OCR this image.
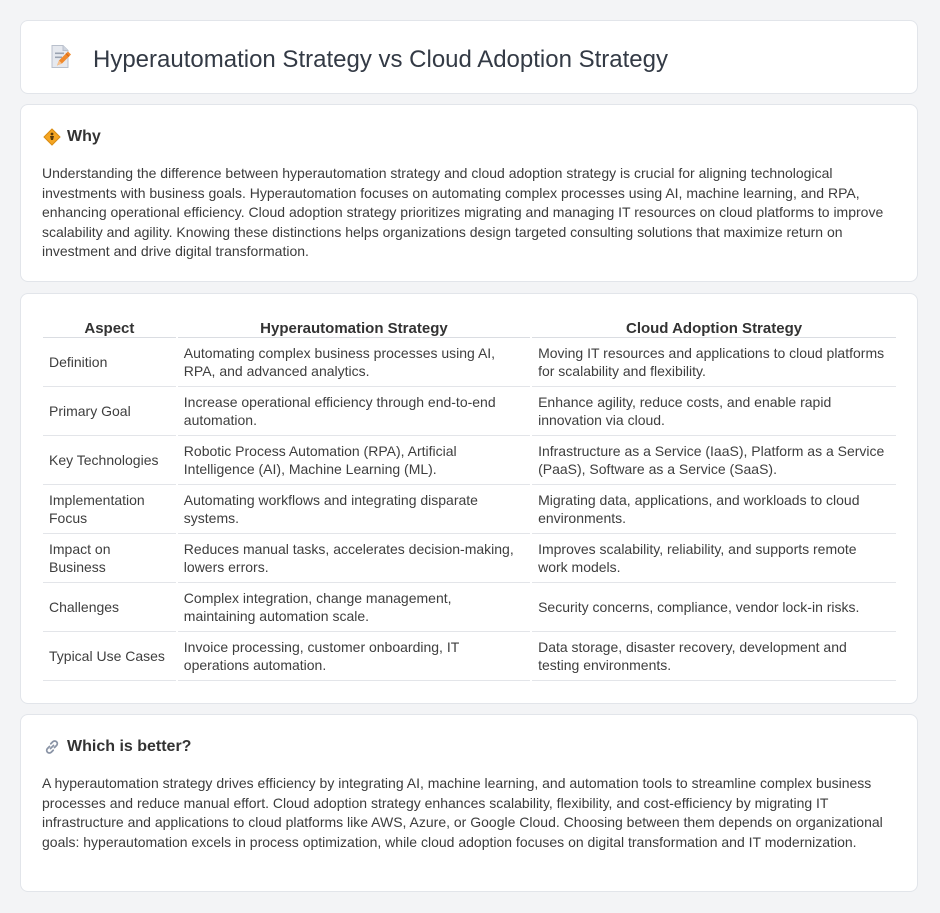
Hyperautomation Strategy vs Cloud Adoption Strategy
Why

Understanding the difference between hyperautomation strategy and cloud adoption strategy is crucial for aligning technological investments with business goals. Hyperautomation focuses on automating complex processes using AI, machine learning, and RPA, enhancing operational efficiency. Cloud adoption strategy prioritizes migrating and managing IT resources on cloud platforms to improve scalability and agility. Knowing these distinctions helps organizations design targeted consulting solutions that maximize return on investment and drive digital transformation.

Aspect	Hyperautomation Strategy	Cloud Adoption Strategy
Definition	Automating complex business processes using AI, RPA, and advanced analytics.	Moving IT resources and applications to cloud platforms for scalability and flexibility.
Primary Goal	Increase operational efficiency through end-to-end automation.	Enhance agility, reduce costs, and enable rapid innovation via cloud.
Key Technologies	Robotic Process Automation (RPA), Artificial Intelligence (AI), Machine Learning (ML).	Infrastructure as a Service (IaaS), Platform as a Service (PaaS), Software as a Service (SaaS).
Implementation Focus	Automating workflows and integrating disparate systems.	Migrating data, applications, and workloads to cloud environments.
Impact on Business	Reduces manual tasks, accelerates decision-making, lowers errors.	Improves scalability, reliability, and supports remote work models.
Challenges	Complex integration, change management, maintaining automation scale.	Security concerns, compliance, vendor lock-in risks.
Typical Use Cases	Invoice processing, customer onboarding, IT operations automation.	Data storage, disaster recovery, development and testing environments.
Which is better?

A hyperautomation strategy drives efficiency by integrating AI, machine learning, and automation tools to streamline complex business processes and reduce manual effort. Cloud adoption strategy enhances scalability, flexibility, and cost-efficiency by migrating IT infrastructure and applications to cloud platforms like AWS, Azure, or Google Cloud. Choosing between them depends on organizational goals: hyperautomation excels in process optimization, while cloud adoption focuses on digital transformation and IT modernization.
